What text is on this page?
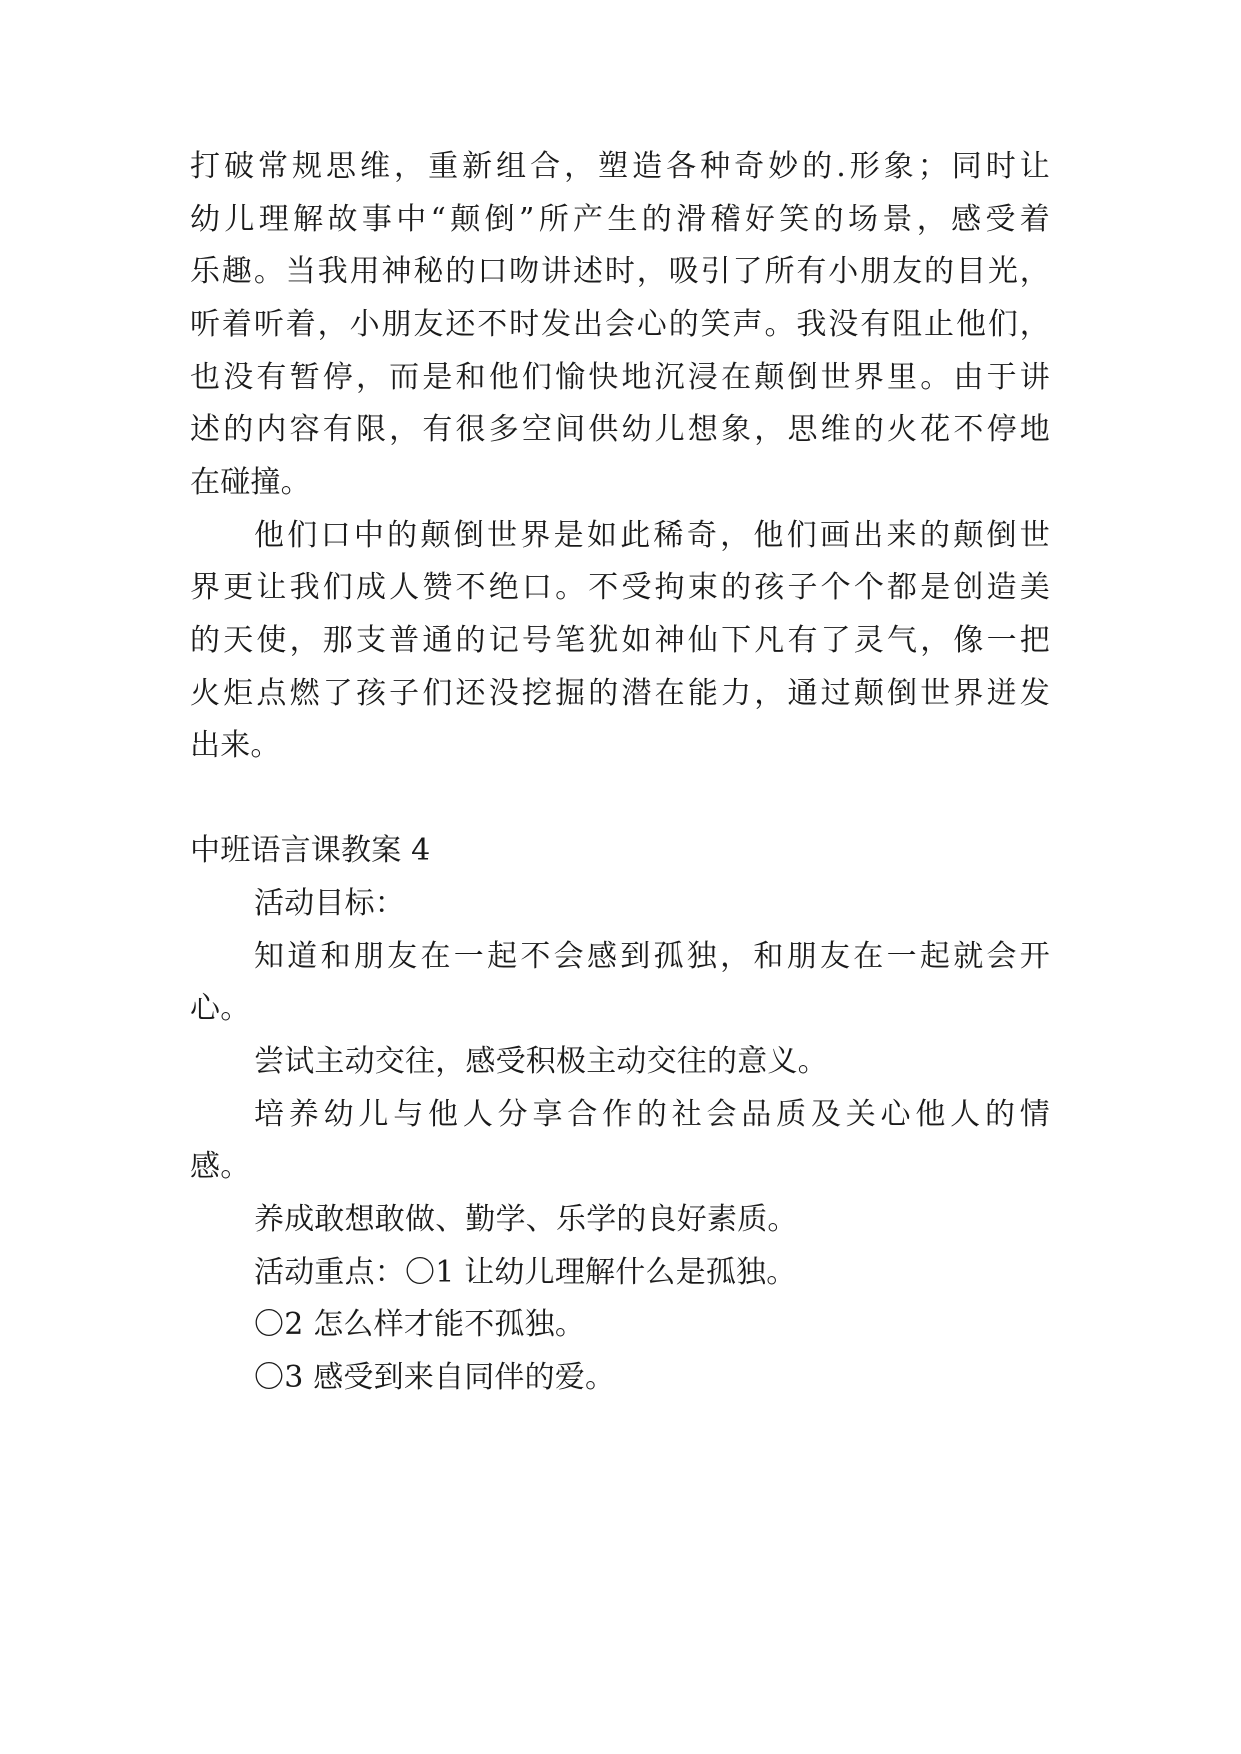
打破常规思维，重新组合，塑造各种奇妙的.形象；同时让
幼儿理解故事中“颠倒”所产生的滑稽好笑的场景，感受着
乐趣。当我用神秘的口吻讲述时，吸引了所有小朋友的目光，
听着听着，小朋友还不时发出会心的笑声。我没有阻止他们，
也没有暂停，而是和他们愉快地沉浸在颠倒世界里。由于讲
述的内容有限，有很多空间供幼儿想象，思维的火花不停地
在碰撞。
他们口中的颠倒世界是如此稀奇，他们画出来的颠倒世
界更让我们成人赞不绝口。不受拘束的孩子个个都是创造美
的天使，那支普通的记号笔犹如神仙下凡有了灵气，像一把
火炬点燃了孩子们还没挖掘的潜在能力，通过颠倒世界迸发
出来。
中班语言课教案 4
活动目标：
知道和朋友在一起不会感到孤独，和朋友在一起就会开
心。
尝试主动交往，感受积极主动交往的意义。
培养幼儿与他人分享合作的社会品质及关心他人的情
感。
养成敢想敢做、勤学、乐学的良好素质。
活动重点：〇1 让幼儿理解什么是孤独。
〇2 怎么样才能不孤独。
〇3 感受到来自同伴的爱。
